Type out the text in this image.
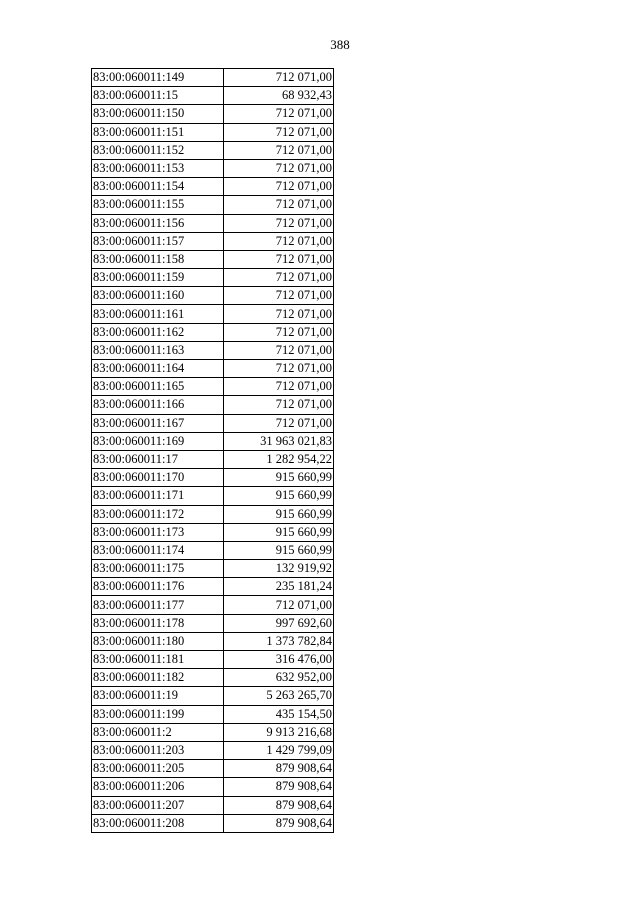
388
83:00:060011:149	712 071,00
83:00:060011:15	68 932,43
83:00:060011:150	712 071,00
83:00:060011:151	712 071,00
83:00:060011:152	712 071,00
83:00:060011:153	712 071,00
83:00:060011:154	712 071,00
83:00:060011:155	712 071,00
83:00:060011:156	712 071,00
83:00:060011:157	712 071,00
83:00:060011:158	712 071,00
83:00:060011:159	712 071,00
83:00:060011:160	712 071,00
83:00:060011:161	712 071,00
83:00:060011:162	712 071,00
83:00:060011:163	712 071,00
83:00:060011:164	712 071,00
83:00:060011:165	712 071,00
83:00:060011:166	712 071,00
83:00:060011:167	712 071,00
83:00:060011:169	31 963 021,83
83:00:060011:17	1 282 954,22
83:00:060011:170	915 660,99
83:00:060011:171	915 660,99
83:00:060011:172	915 660,99
83:00:060011:173	915 660,99
83:00:060011:174	915 660,99
83:00:060011:175	132 919,92
83:00:060011:176	235 181,24
83:00:060011:177	712 071,00
83:00:060011:178	997 692,60
83:00:060011:180	1 373 782,84
83:00:060011:181	316 476,00
83:00:060011:182	632 952,00
83:00:060011:19	5 263 265,70
83:00:060011:199	435 154,50
83:00:060011:2	9 913 216,68
83:00:060011:203	1 429 799,09
83:00:060011:205	879 908,64
83:00:060011:206	879 908,64
83:00:060011:207	879 908,64
83:00:060011:208	879 908,64
